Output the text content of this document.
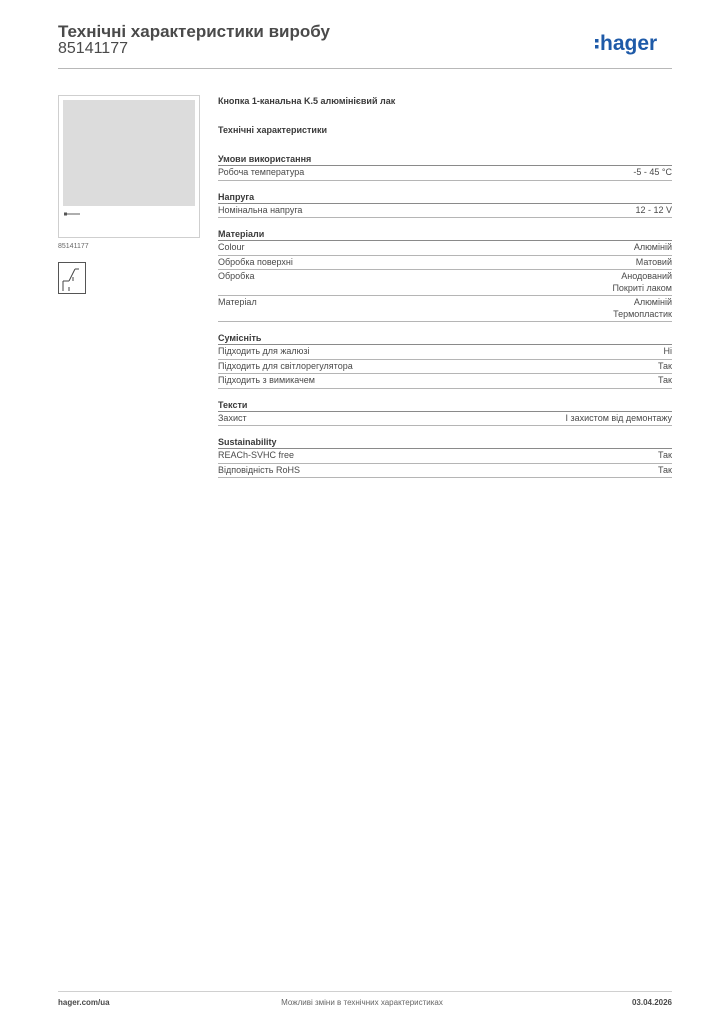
Технічні характеристики виробу
85141177	hager
85141177
Кнопка 1-канальна K.5 алюмінієвий лак
Технічні характеристики
Умови використання
Робоча температура	-5 - 45 °C
Напруга
Номінальна напруга	12 - 12 V
Матеріали
Colour	Алюміній
Обробка поверхні	Матовий
Обробка	Анодований
Покриті лаком
Матеріал	Алюміній
Термопластик
Сумісніть
Підходить для жалюзі	Ні
Підходить для світлорегулятора	Так
Підходить з вимикачем	Так
Тексти
Захист	І захистом від демонтажу
Sustainability
REACh-SVHC free	Так
Відповідність RoHS	Так
hager.com/ua	Можливі зміни в технічних характеристиках	03.04.2026
